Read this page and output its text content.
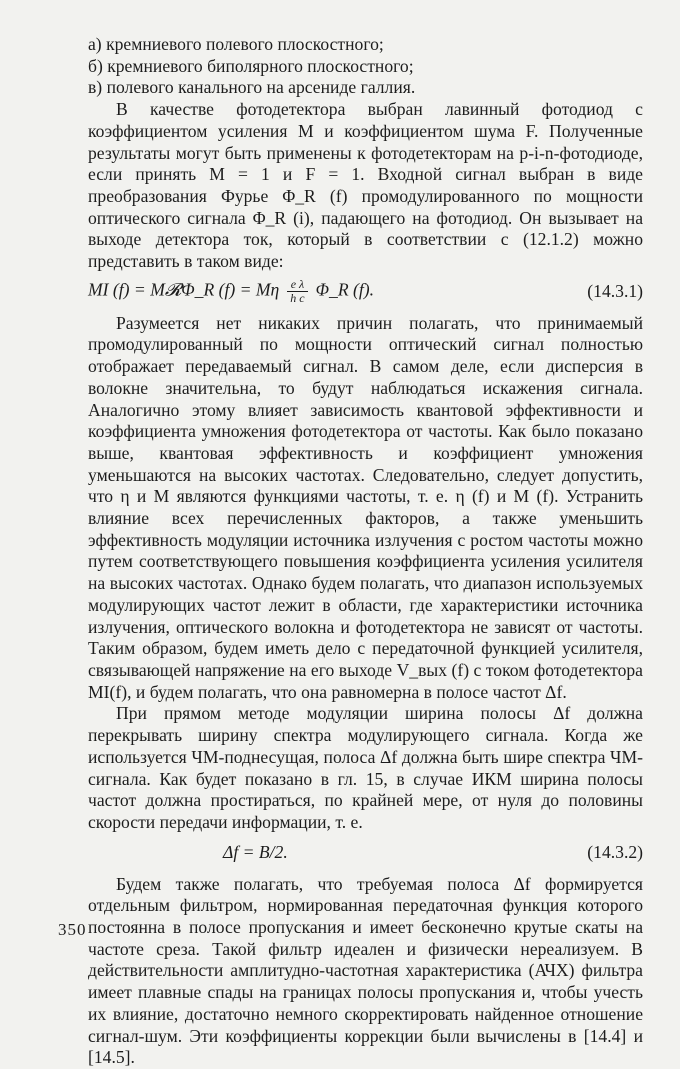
а) кремниевого полевого плоскостного;

б) кремниевого биполярного плоскостного;

в) полевого канального на арсениде галлия.

В качестве фотодетектора выбран лавинный фотодиод с коэффициентом усиления M и коэффициентом шума F. Полученные результаты могут быть применены к фотодетекторам на p-i-n-фотодиоде, если принять M = 1 и F = 1. Входной сигнал выбран в виде преобразования Фурье Φ_R (f) промодулированного по мощности оптического сигнала Φ_R (i), падающего на фотодиод. Он вызывает на выходе детектора ток, который в соответствии с (12.1.2) можно представить в таком виде:

MI (f) = M𝓡Φ_R (f) = Mη $\frac{\text{e λ}}{\text{h c}}$ Φ_R (f).	(14.3.1)

Разумеется нет никаких причин полагать, что принимаемый промодулированный по мощности оптический сигнал полностью отображает передаваемый сигнал. В самом деле, если дисперсия в волокне значительна, то будут наблюдаться искажения сигнала. Аналогично этому влияет зависимость квантовой эффективности и коэффициента умножения фотодетектора от частоты. Как было показано выше, квантовая эффективность и коэффициент умножения уменьшаются на высоких частотах. Следовательно, следует допустить, что η и M являются функциями частоты, т. е. η (f) и M (f). Устранить влияние всех перечисленных факторов, а также уменьшить эффективность модуляции источника излучения с ростом частоты можно путем соответствующего повышения коэффициента усиления усилителя на высоких частотах. Однако будем полагать, что диапазон используемых модулирующих частот лежит в области, где характеристики источника излучения, оптического волокна и фотодетектора не зависят от частоты. Таким образом, будем иметь дело с передаточной функцией усилителя, связывающей напряжение на его выходе V_вых (f) с током фотодетектора MI(f), и будем полагать, что она равномерна в полосе частот Δf.

При прямом методе модуляции ширина полосы Δf должна перекрывать ширину спектра модулирующего сигнала. Когда же используется ЧМ-поднесущая, полоса Δf должна быть шире спектра ЧМ-сигнала. Как будет показано в гл. 15, в случае ИКМ ширина полосы частот должна простираться, по крайней мере, от нуля до половины скорости передачи информации, т. е.

Δf = B/2.	(14.3.2)

Будем также полагать, что требуемая полоса Δf формируется отдельным фильтром, нормированная передаточная функция которого постоянна в полосе пропускания и имеет бесконечно крутые скаты на частоте среза. Такой фильтр идеален и физически нереализуем. В действительности амплитудно-частотная характеристика (АЧХ) фильтра имеет плавные спады на границах полосы пропускания и, чтобы учесть их влияние, достаточно немного скорректировать найденное отношение сигнал-шум. Эти коэффициенты коррекции были вычислены в [14.4] и [14.5].

350
